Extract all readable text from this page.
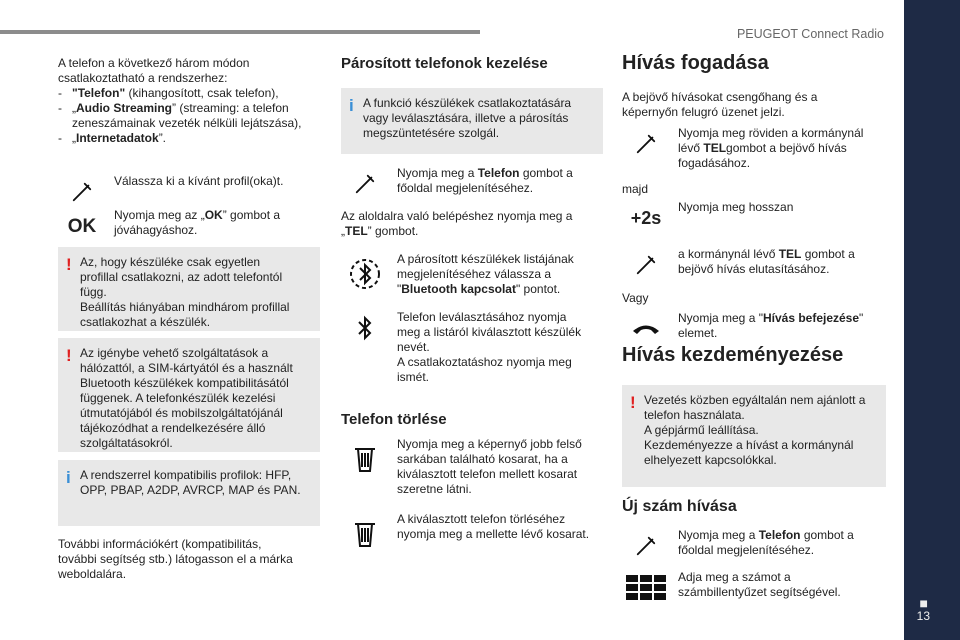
PEUGEOT Connect Radio
■
13

A telefon a következő három módon

csatlakoztatható a rendszerhez:

- "Telefon" (kihangosított, csak telefon),
- „Audio Streaming” (streaming: a telefon zeneszámainak vezeték nélküli lejátszása),
- „Internetadatok”.

Válassza ki a kívánt profil(oka)t.

OK

Nyomja meg az „OK” gombot a jóváhagyáshoz.

! Az, hogy készüléke csak egyetlen
profillal csatlakozni, az adott telefontól
függ.
Beállítás hiányában mindhárom profillal
csatlakozhat a készülék.

! Az igénybe vehető szolgáltatások a
hálózattól, a SIM-kártyától és a használt
Bluetooth készülékek kompatibilitásától
függenek. A telefonkészülék kezelési
útmutatójából és mobilszolgáltatójánál
tájékozódhat a rendelkezésére álló
szolgáltatásokról.

i A rendszerrel kompatibilis profilok: HFP,
OPP, PBAP, A2DP, AVRCP, MAP és PAN.

További információkért (kompatibilitás,
további segítség stb.) látogasson el a márka
weboldalára.

Párosított telefonok kezelése
i A funkció készülékek csatlakoztatására
vagy leválasztására, illetve a párosítás
megszüntetésére szolgál.

Nyomja meg a Telefon gombot a főoldal megjelenítéséhez.

Az aloldalra való belépéshez nyomja meg a „TEL” gombot.

A párosított készülékek listájának megjelenítéséhez válassza a "Bluetooth kapcsolat" pontot.

Telefon leválasztásához nyomja
meg a listáról kiválasztott készülék
nevét.
A csatlakoztatáshoz nyomja meg
ismét.

Telefon törlése

Nyomja meg a képernyő jobb felső
sarkában található kosarat, ha a
kiválasztott telefon mellett kosarat
szeretne látni.

A kiválasztott telefon törléséhez
nyomja meg a mellette lévő kosarat.

Hívás fogadása

A bejövő hívásokat csengőhang és a
képernyőn felugró üzenet jelzi.

Nyomja meg röviden a kormánynál lévő TELgombot a bejövő hívás fogadásához.

majd

+2s

Nyomja meg hosszan

a kormánynál lévő TEL gombot a bejövő hívás elutasításához.

Vagy

Nyomja meg a "Hívás befejezése" elemet.

Hívás kezdeményezése
! Vezetés közben egyáltalán nem ajánlott a
telefon használata.
A gépjármű leállítása.
Kezdeményezze a hívást a kormánynál
elhelyezett kapcsolókkal.

Új szám hívása

Nyomja meg a Telefon gombot a főoldal megjelenítéséhez.

Adja meg a számot a
számbillentyűzet segítségével.
